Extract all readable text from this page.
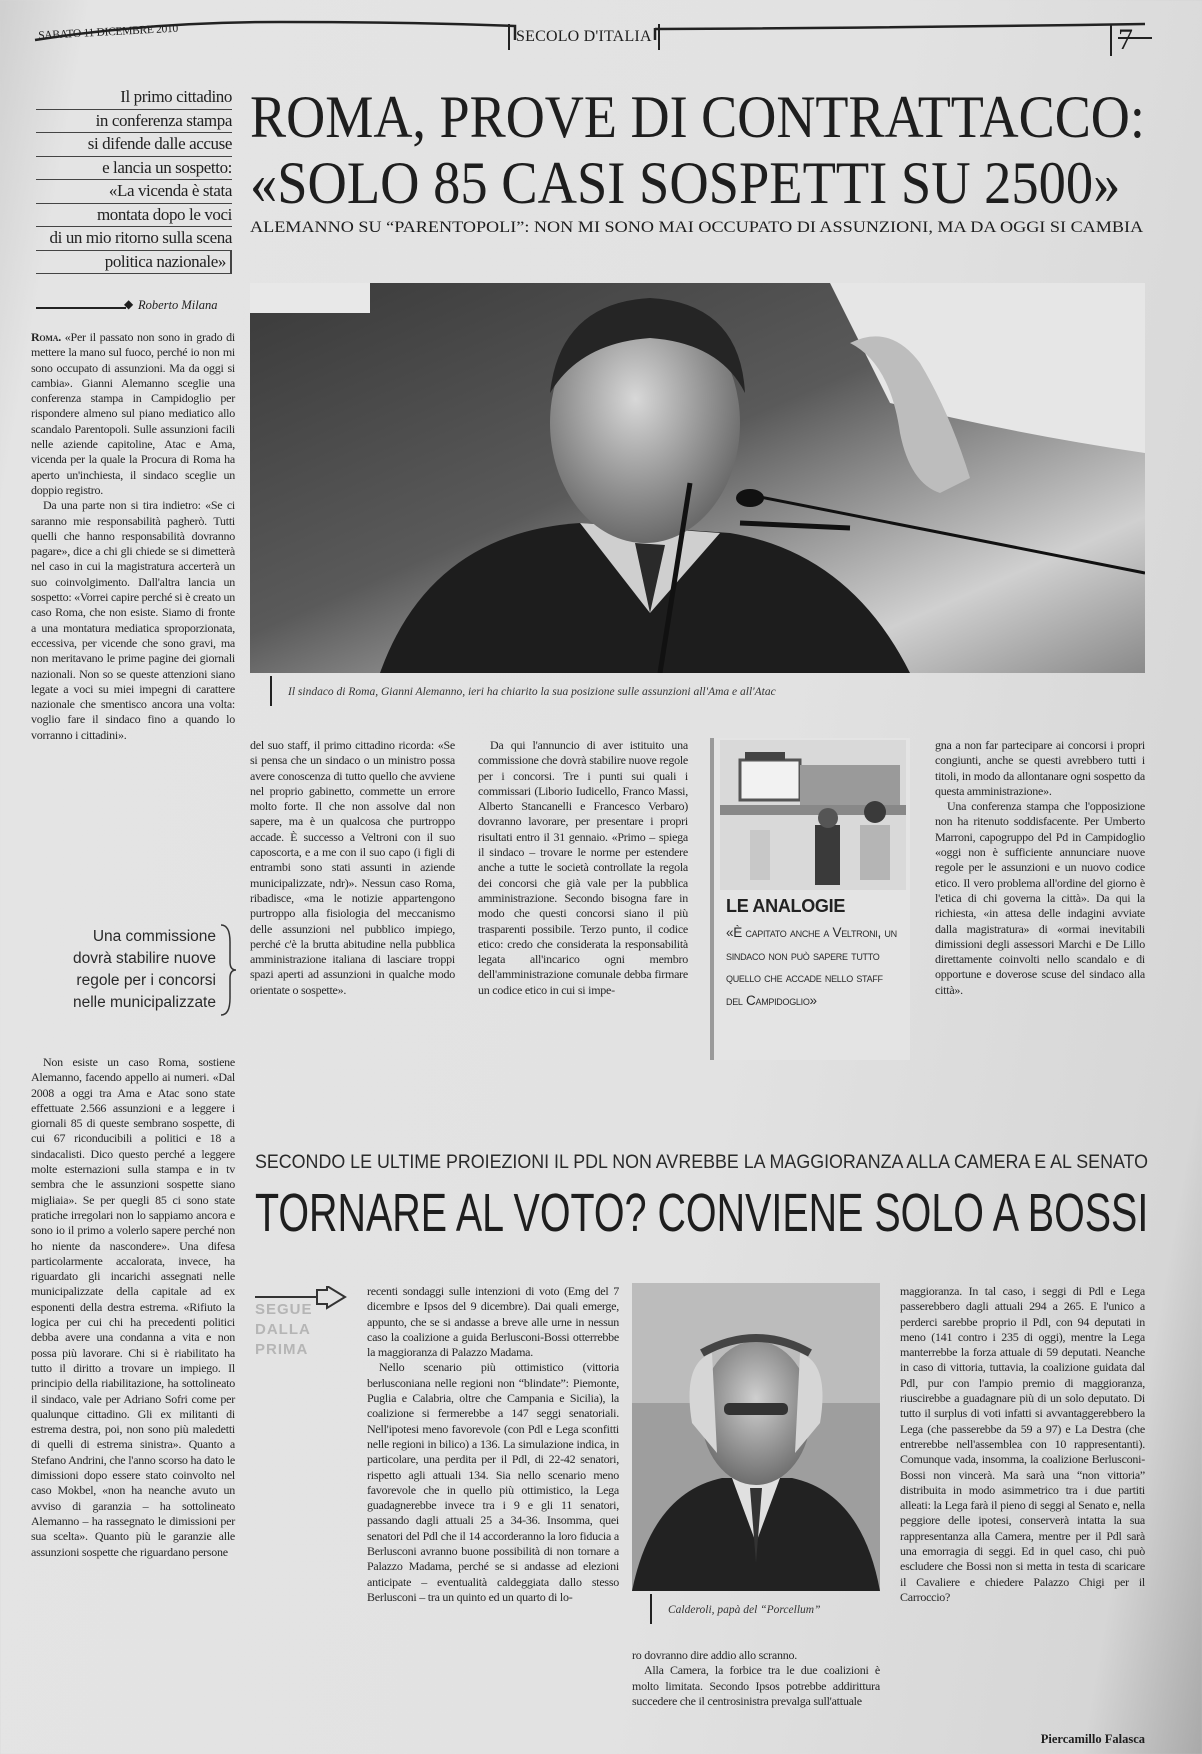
SABATO 11 DICEMBRE 2010	SECOLO D'ITALIA	7
Il primo cittadino
in conferenza stampa
si difende dalle accuse
e lancia un sospetto:
«La vicenda è stata
montata dopo le voci
di un mio ritorno sulla scena
politica nazionale»
ROMA, PROVE DI CONTRATTACCO:
«SOLO 85 CASI SOSPETTI SU 2500»
ALEMANNO SU “PARENTOPOLI”: NON MI SONO MAI OCCUPATO DI ASSUNZIONI, MA DA OGGI SI CAMBIA
◆ Roberto Milana

Roma. «Per il passato non sono in grado di mettere la mano sul fuoco, perché io non mi sono occupato di assunzioni. Ma da oggi si cambia». Gianni Alemanno sceglie una conferenza stampa in Campidoglio per rispondere almeno sul piano mediatico allo scandalo Parentopoli. Sulle assunzioni facili nelle aziende capitoline, Atac e Ama, vicenda per la quale la Procura di Roma ha aperto un'inchiesta, il sindaco sceglie un doppio registro.

Da una parte non si tira indietro: «Se ci saranno mie responsabilità pagherò. Tutti quelli che hanno responsabilità dovranno pagare», dice a chi gli chiede se si dimetterà nel caso in cui la magistratura accerterà un suo coinvolgimento. Dall'altra lancia un sospetto: «Vorrei capire perché si è creato un caso Roma, che non esiste. Siamo di fronte a una montatura mediatica sproporzionata, eccessiva, per vicende che sono gravi, ma non meritavano le prime pagine dei giornali nazionali. Non so se queste attenzioni siano legate a voci su miei impegni di carattere nazionale che smentisco ancora una volta: voglio fare il sindaco fino a quando lo vorranno i cittadini».

Il sindaco di Roma, Gianni Alemanno, ieri ha chiarito la sua posizione sulle assunzioni all'Ama e all'Atac
Una commissione
dovrà stabilire nuove
regole per i concorsi
nelle municipalizzate

Non esiste un caso Roma, sostiene Alemanno, facendo appello ai numeri. «Dal 2008 a oggi tra Ama e Atac sono state effettuate 2.566 assunzioni e a leggere i giornali 85 di queste sembrano sospette, di cui 67 riconducibili a politici e 18 a sindacalisti. Dico questo perché a leggere molte esternazioni sulla stampa e in tv sembra che le assunzioni sospette siano migliaia». Se per quegli 85 ci sono state pratiche irregolari non lo sappiamo ancora e sono io il primo a volerlo sapere perché non ho niente da nascondere». Una difesa particolarmente accalorata, invece, ha riguardato gli incarichi assegnati nelle municipalizzate della capitale ad ex esponenti della destra estrema. «Rifiuto la logica per cui chi ha precedenti politici debba avere una condanna a vita e non possa più lavorare. Chi si è riabilitato ha tutto il diritto a trovare un impiego. Il principio della riabilitazione, ha sottolineato il sindaco, vale per Adriano Sofri come per qualunque cittadino. Gli ex militanti di estrema destra, poi, non sono più maledetti di quelli di estrema sinistra». Quanto a Stefano Andrini, che l'anno scorso ha dato le dimissioni dopo essere stato coinvolto nel caso Mokbel, «non ha neanche avuto un avviso di garanzia – ha sottolineato Alemanno – ha rassegnato le dimissioni per sua scelta». Quanto più le garanzie alle assunzioni sospette che riguardano persone

del suo staff, il primo cittadino ricorda: «Se si pensa che un sindaco o un ministro possa avere conoscenza di tutto quello che avviene nel proprio gabinetto, commette un errore molto forte. Il che non assolve dal non sapere, ma è un qualcosa che purtroppo accade. È successo a Veltroni con il suo caposcorta, e a me con il suo capo (i figli di entrambi sono stati assunti in aziende municipalizzate, ndr)». Nessun caso Roma, ribadisce, «ma le notizie appartengono purtroppo alla fisiologia del meccanismo delle assunzioni nel pubblico impiego, perché c'è la brutta abitudine nella pubblica amministrazione italiana di lasciare troppi spazi aperti ad assunzioni in qualche modo orientate o sospette».

Da qui l'annuncio di aver istituito una commissione che dovrà stabilire nuove regole per i concorsi. Tre i punti sui quali i commissari (Liborio Iudicello, Franco Massi, Alberto Stancanelli e Francesco Verbaro) dovranno lavorare, per presentare i propri risultati entro il 31 gennaio. «Primo – spiega il sindaco – trovare le norme per estendere anche a tutte le società controllate la regola dei concorsi che già vale per la pubblica amministrazione. Secondo bisogna fare in modo che questi concorsi siano il più trasparenti possibile. Terzo punto, il codice etico: credo che considerata la responsabilità legata all'incarico ogni membro dell'amministrazione comunale debba firmare un codice etico in cui si impe-

LE ANALOGIE
«È capitato anche a Veltroni, un sindaco non può sapere tutto quello che accade nello staff del Campidoglio»

gna a non far partecipare ai concorsi i propri congiunti, anche se questi avrebbero tutti i titoli, in modo da allontanare ogni sospetto da questa amministrazione».

Una conferenza stampa che l'opposizione non ha ritenuto soddisfacente. Per Umberto Marroni, capogruppo del Pd in Campidoglio «oggi non è sufficiente annunciare nuove regole per le assunzioni e un nuovo codice etico. Il vero problema all'ordine del giorno è l'etica di chi governa la città». Da qui la richiesta, «in attesa delle indagini avviate dalla magistratura» di «ormai inevitabili dimissioni degli assessori Marchi e De Lillo direttamente coinvolti nello scandalo e di opportune e doverose scuse del sindaco alla città».

SECONDO LE ULTIME PROIEZIONI IL PDL NON AVREBBE LA MAGGIORANZA ALLA CAMERA E AL SENATO
TORNARE AL VOTO? CONVIENE SOLO A BOSSI
SEGUE
DALLA
PRIMA

recenti sondaggi sulle intenzioni di voto (Emg del 7 dicembre e Ipsos del 9 dicembre). Dai quali emerge, appunto, che se si andasse a breve alle urne in nessun caso la coalizione a guida Berlusconi-Bossi otterrebbe la maggioranza di Palazzo Madama.

Nello scenario più ottimistico (vittoria berlusconiana nelle regioni non “blindate”: Piemonte, Puglia e Calabria, oltre che Campania e Sicilia), la coalizione si fermerebbe a 147 seggi senatoriali. Nell'ipotesi meno favorevole (con Pdl e Lega sconfitti nelle regioni in bilico) a 136. La simulazione indica, in particolare, una perdita per il Pdl, di 22-42 senatori, rispetto agli attuali 134. Sia nello scenario meno favorevole che in quello più ottimistico, la Lega guadagnerebbe invece tra i 9 e gli 11 senatori, passando dagli attuali 25 a 34-36. Insomma, quei senatori del Pdl che il 14 accorderanno la loro fiducia a Berlusconi avranno buone possibilità di non tornare a Palazzo Madama, perché se si andasse ad elezioni anticipate – eventualità caldeggiata dallo stesso Berlusconi – tra un quinto ed un quarto di lo-

Calderoli, papà del “Porcellum”

ro dovranno dire addio allo scranno.

Alla Camera, la forbice tra le due coalizioni è molto limitata. Secondo Ipsos potrebbe addirittura succedere che il centrosinistra prevalga sull'attuale

maggioranza. In tal caso, i seggi di Pdl e Lega passerebbero dagli attuali 294 a 265. E l'unico a perderci sarebbe proprio il Pdl, con 94 deputati in meno (141 contro i 235 di oggi), mentre la Lega manterrebbe la forza attuale di 59 deputati. Neanche in caso di vittoria, tuttavia, la coalizione guidata dal Pdl, pur con l'ampio premio di maggioranza, riuscirebbe a guadagnare più di un solo deputato. Di tutto il surplus di voti infatti si avvantaggerebbero la Lega (che passerebbe da 59 a 97) e La Destra (che entrerebbe nell'assemblea con 10 rappresentanti). Comunque vada, insomma, la coalizione Berlusconi-Bossi non vincerà. Ma sarà una “non vittoria” distribuita in modo asimmetrico tra i due partiti alleati: la Lega farà il pieno di seggi al Senato e, nella peggiore delle ipotesi, conserverà intatta la sua rappresentanza alla Camera, mentre per il Pdl sarà una emorragia di seggi. Ed in quel caso, chi può escludere che Bossi non si metta in testa di scaricare il Cavaliere e chiedere Palazzo Chigi per il Carroccio?

Piercamillo Falasca
